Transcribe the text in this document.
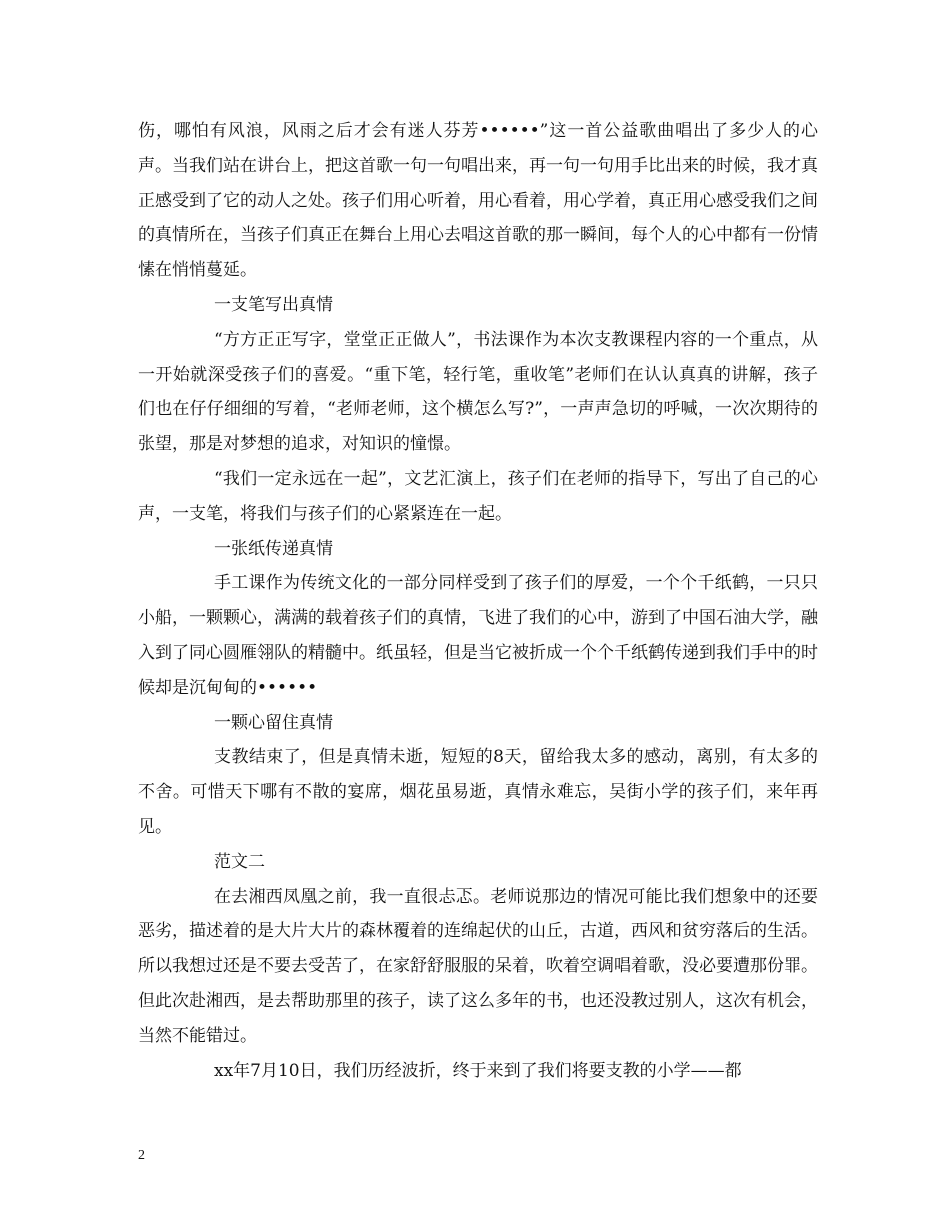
伤，哪怕有风浪，风雨之后才会有迷人芬芳••••••”这一首公益歌曲唱出了多少人的心声。当我们站在讲台上，把这首歌一句一句唱出来，再一句一句用手比出来的时候，我才真正感受到了它的动人之处。孩子们用心听着，用心看着，用心学着，真正用心感受我们之间的真情所在，当孩子们真正在舞台上用心去唱这首歌的那一瞬间，每个人的心中都有一份情愫在悄悄蔓延。

一支笔写出真情

“方方正正写字，堂堂正正做人”，书法课作为本次支教课程内容的一个重点，从一开始就深受孩子们的喜爱。“重下笔，轻行笔，重收笔”老师们在认认真真的讲解，孩子们也在仔仔细细的写着，“老师老师，这个横怎么写?”，一声声急切的呼喊，一次次期待的张望，那是对梦想的追求，对知识的憧憬。

“我们一定永远在一起”，文艺汇演上，孩子们在老师的指导下，写出了自己的心声，一支笔，将我们与孩子们的心紧紧连在一起。

一张纸传递真情

手工课作为传统文化的一部分同样受到了孩子们的厚爱，一个个千纸鹤，一只只小船，一颗颗心，满满的载着孩子们的真情，飞进了我们的心中，游到了中国石油大学，融入到了同心圆雁翎队的精髓中。纸虽轻，但是当它被折成一个个千纸鹤传递到我们手中的时候却是沉甸甸的••••••

一颗心留住真情

支教结束了，但是真情未逝，短短的8天，留给我太多的感动，离别，有太多的不舍。可惜天下哪有不散的宴席，烟花虽易逝，真情永难忘，吴街小学的孩子们，来年再见。

范文二

在去湘西凤凰之前，我一直很忐忑。老师说那边的情况可能比我们想象中的还要恶劣，描述着的是大片大片的森林覆着的连绵起伏的山丘，古道，西风和贫穷落后的生活。所以我想过还是不要去受苦了，在家舒舒服服的呆着，吹着空调唱着歌，没必要遭那份罪。但此次赴湘西，是去帮助那里的孩子，读了这么多年的书，也还没教过别人，这次有机会，当然不能错过。

xx年7月10日，我们历经波折，终于来到了我们将要支教的小学——都

2
